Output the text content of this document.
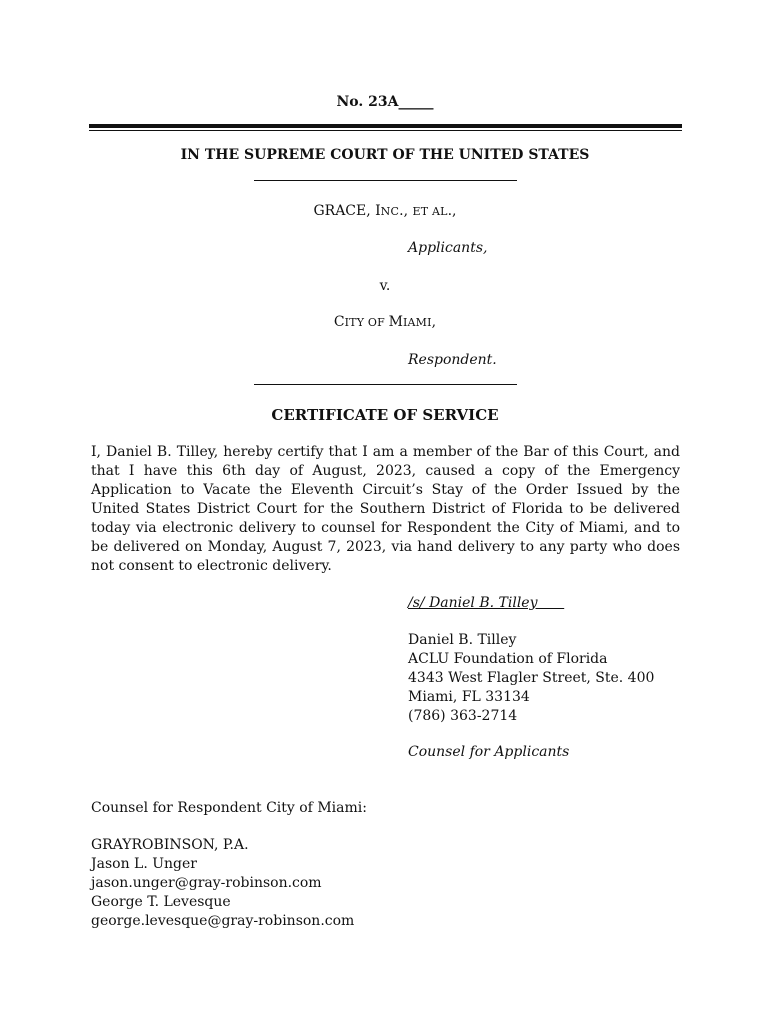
No. 23A_____
IN THE SUPREME COURT OF THE UNITED STATES
GRACE, INC., ET AL.,
Applicants,
v.
CITY OF MIAMI,
Respondent.
CERTIFICATE OF SERVICE
I, Daniel B. Tilley, hereby certify that I am a member of the Bar of this Court, and that I have this 6th day of August, 2023, caused a copy of the Emergency Application to Vacate the Eleventh Circuit’s Stay of the Order Issued by the United States District Court for the Southern District of Florida to be delivered today via electronic delivery to counsel for Respondent the City of Miami, and to be delivered on Monday, August 7, 2023, via hand delivery to any party who does not consent to electronic delivery.
/s/ Daniel B. Tilley
Daniel B. Tilley
ACLU Foundation of Florida
4343 West Flagler Street, Ste. 400
Miami, FL 33134
(786) 363-2714
Counsel for Applicants
Counsel for Respondent City of Miami:
GRAYROBINSON, P.A.
Jason L. Unger
jason.unger@gray-robinson.com
George T. Levesque
george.levesque@gray-robinson.com
